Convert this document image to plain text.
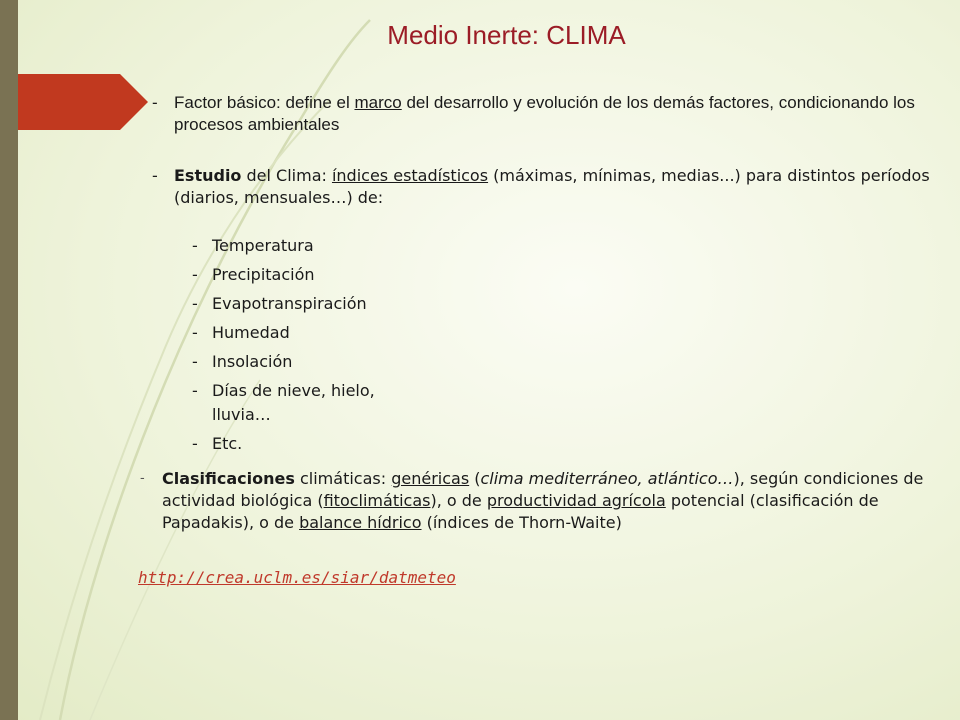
Medio Inerte: CLIMA
- Factor básico: define el marco del desarrollo y evolución de los demás factores, condicionando los procesos ambientales
-	Estudio del Clima: índices estadísticos (máximas, mínimas, medias...) para distintos períodos (diarios, mensuales…) de:
- Temperatura
- Precipitación
- Evapotranspiración
- Humedad
- Insolación
- Días de nieve, hielo, lluvia…
- Etc.
-	Clasificaciones climáticas: genéricas (clima mediterráneo, atlántico…), según condiciones de actividad biológica (fitoclimáticas), o de productividad agrícola potencial (clasificación de Papadakis), o de balance hídrico (índices de Thorn-Waite)
http://crea.uclm.es/siar/datmeteo
